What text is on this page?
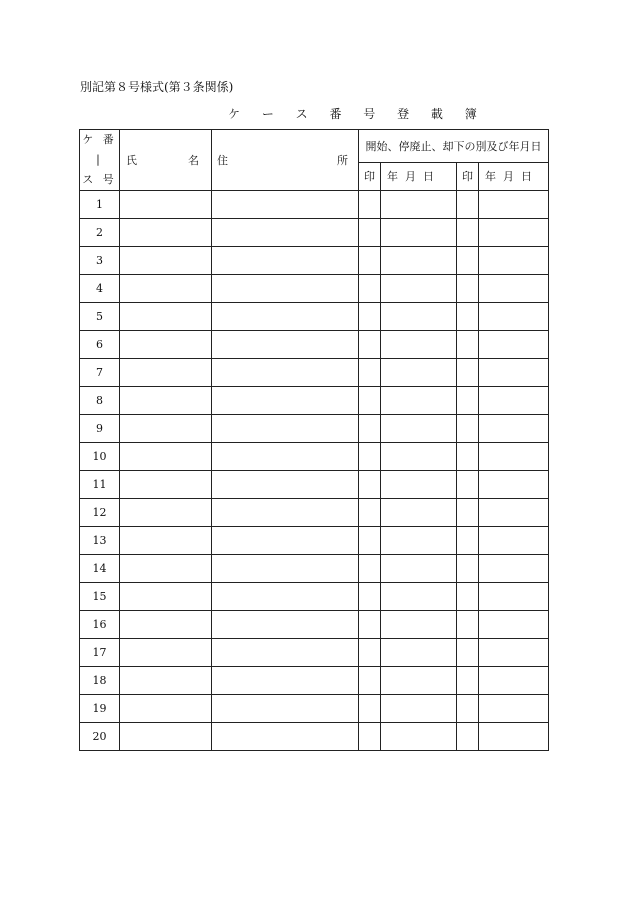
別記第８号様式(第３条関係)
ケ ー ス 番 号 登 載 簿
ケ 番
|
ス 号	氏 名	住 所	開始、停廃止、却下の別及び年月日			
			印	年  月  日	印	年  月  日
1						
2						
3						
4						
5						
6						
7						
8						
9						
10						
11						
12						
13						
14						
15						
16						
17						
18						
19						
20						
